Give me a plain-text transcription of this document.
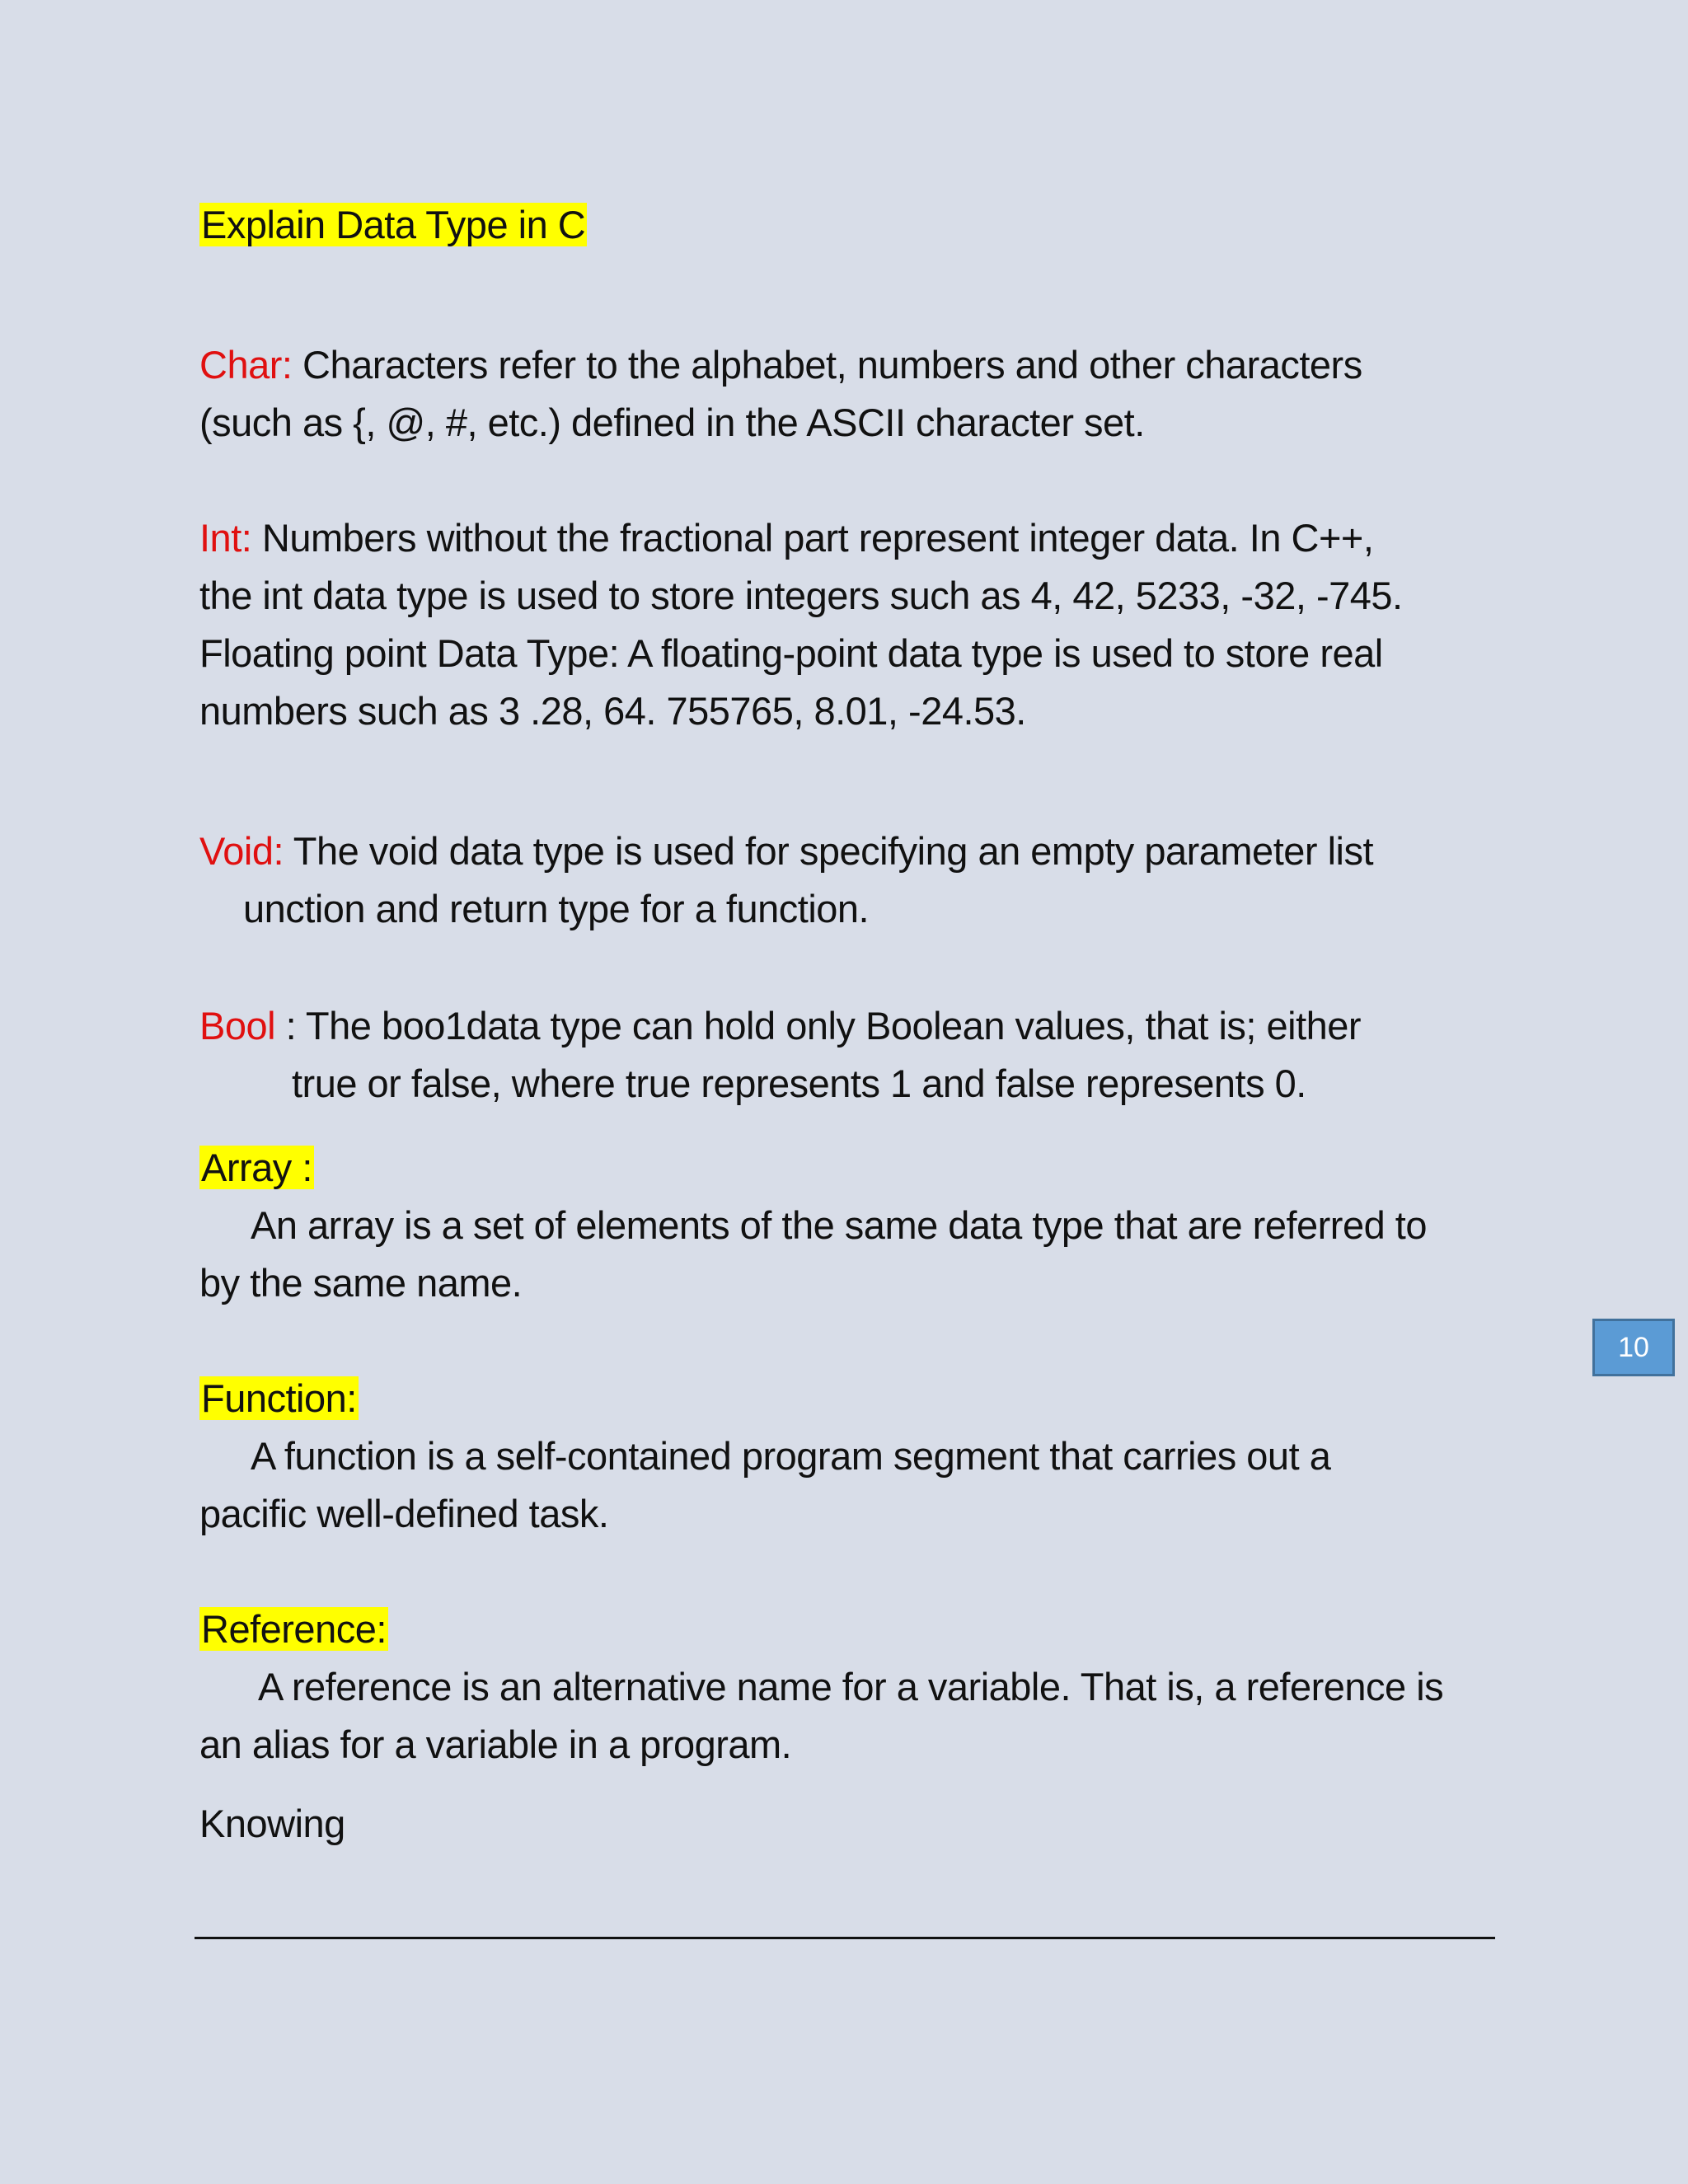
Explain Data Type in C
Char: Characters refer to the alphabet, numbers and other characters
(such as {, @, #, etc.) defined in the ASCII character set.
Int: Numbers without the fractional part represent integer data. In C++,
the int data type is used to store integers such as 4, 42, 5233, -32, -745.
Floating point Data Type: A floating-point data type is used to store real
numbers such as 3 .28, 64. 755765, 8.01, -24.53.
Void: The void data type is used for specifying an empty parameter list
unction and return type for a function.
Bool : The boo1data type can hold only Boolean values, that is; either
true or false, where true represents 1 and false represents 0.
Array :
An array is a set of elements of the same data type that are referred to
by the same name.
Function:
A function is a self-contained program segment that carries out a
pacific well-defined task.
Reference:
A reference is an alternative name for a variable. That is, a reference is
an alias for a variable in a program.
Knowing
10
